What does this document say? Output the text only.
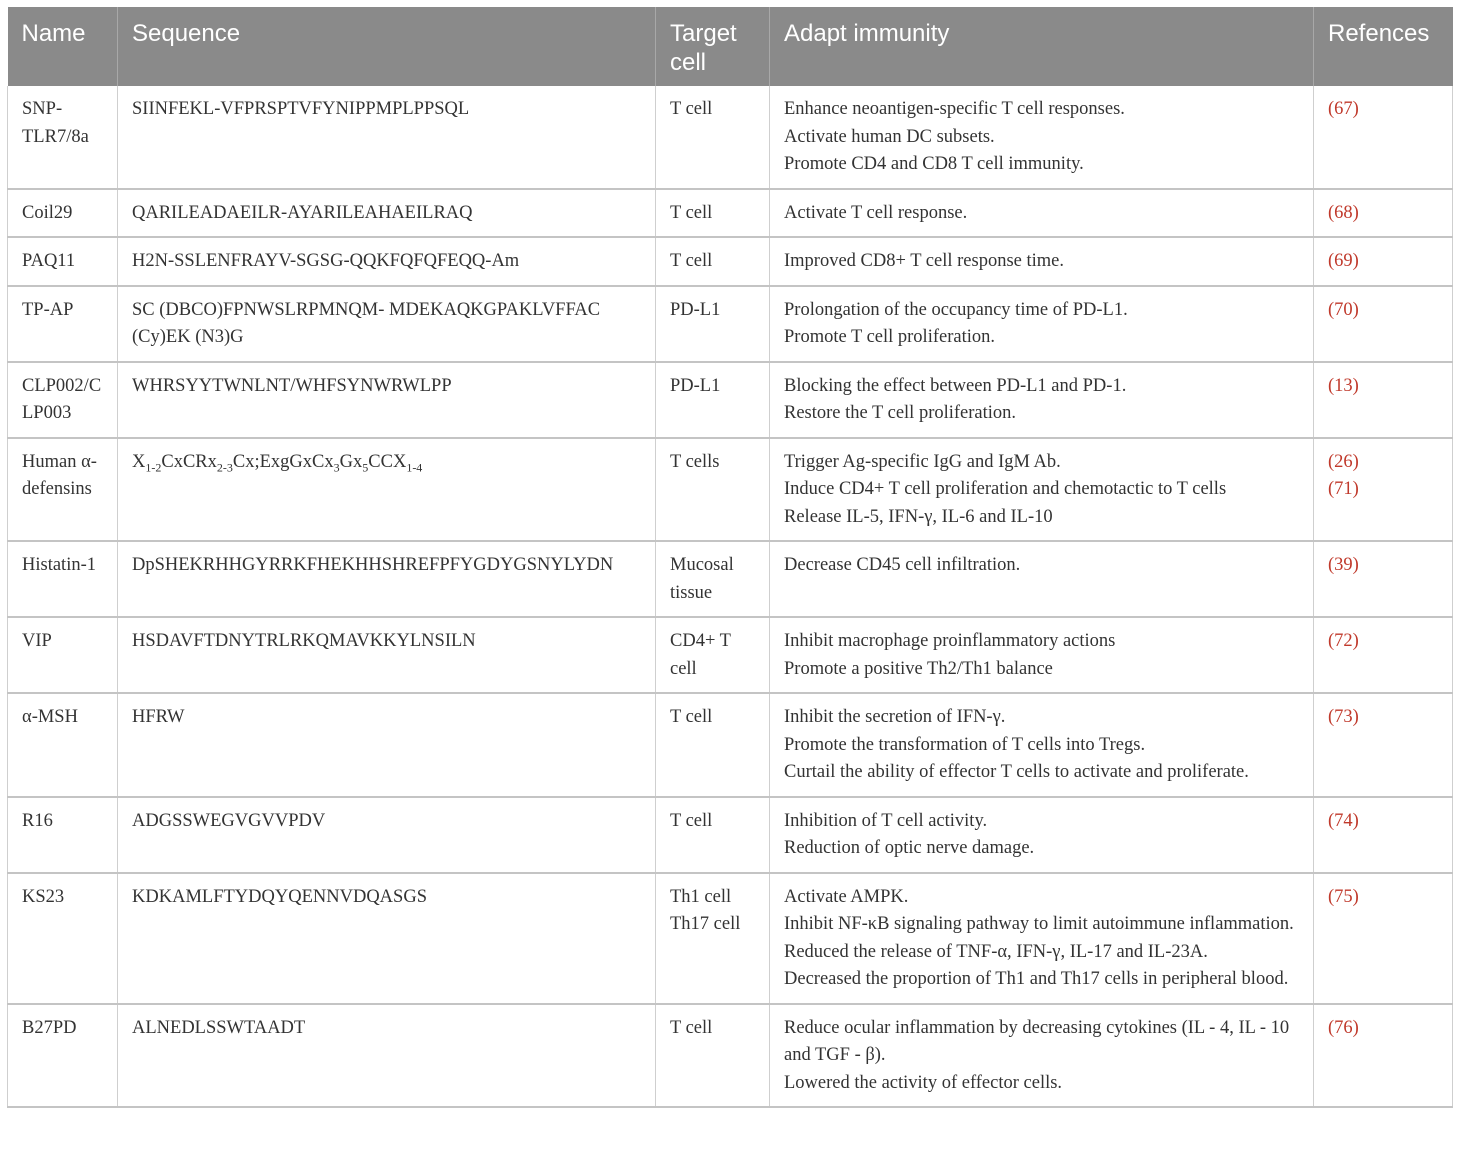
Name	Sequence	Target cell	Adapt immunity	Refences
SNP-TLR7/8a	SIINFEKL-VFPRSPTVFYNIPPMPLPPSQL	T cell	Enhance neoantigen-specific T cell responses.
Activate human DC subsets.
Promote CD4 and CD8 T cell immunity.	(67)

Coil29	QARILEADAEILR-AYARILEAHAEILRAQ	T cell	Activate T cell response.	(68)

PAQ11	H2N-SSLENFRAYV-SGSG-QQKFQFQFEQQ-Am	T cell	Improved CD8+ T cell response time.	(69)

TP-AP	SC (DBCO)FPNWSLRPMNQM- MDEKAQKGPAKLVFFAC (Cy)EK (N3)G	PD-L1	Prolongation of the occupancy time of PD-L1.
Promote T cell proliferation.	(70)

CLP002/CLP003	WHRSYYTWNLNT/WHFSYNWRWLPP	PD-L1	Blocking the effect between PD-L1 and PD-1.
Restore the T cell proliferation.	(13)

Human α-defensins	$X_{1-2}CxCRx_{2-3}Cx;ExgGxCx_3Gx_5CCX_{1-4}$	T cells	Trigger Ag-specific IgG and IgM Ab.
Induce CD4+ T cell proliferation and chemotactic to T cells
Release IL-5, IFN-γ, IL-6 and IL-10	(26)
(71)

Histatin-1	DpSHEKRHHGYRRKFHEKHHSHREFPFYGDYGSNYLYDN	Mucosal tissue	Decrease CD45 cell infiltration.	(39)

VIP	HSDAVFTDNYTRLRKQMAVKKYLNSILN	CD4+ T cell	Inhibit macrophage proinflammatory actions
Promote a positive Th2/Th1 balance	(72)

α-MSH	HFRW	T cell	Inhibit the secretion of IFN-γ.
Promote the transformation of T cells into Tregs.
Curtail the ability of effector T cells to activate and proliferate.	(73)

R16	ADGSSWEGVGVVPDV	T cell	Inhibition of T cell activity.
Reduction of optic nerve damage.	(74)

KS23	KDKAMLFTYDQYQENNVDQASGS	Th1 cell
Th17 cell	Activate AMPK.
Inhibit NF-κB signaling pathway to limit autoimmune inflammation.
Reduced the release of TNF-α, IFN-γ, IL-17 and IL-23A.
Decreased the proportion of Th1 and Th17 cells in peripheral blood.	(75)

B27PD	ALNEDLSSWTAADT	T cell	Reduce ocular inflammation by decreasing cytokines (IL - 4, IL - 10 and TGF - β).
Lowered the activity of effector cells.	(76)
